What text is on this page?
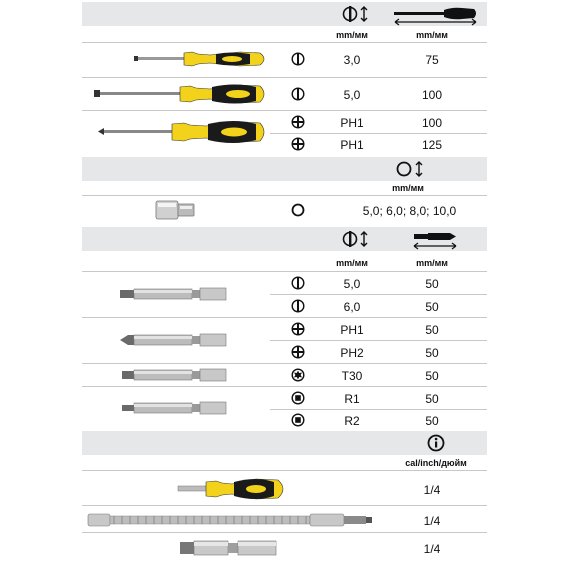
mm/мм	mm/мм
3,0	75
5,0	100
PH1	100
PH1	125
mm/мм
5,0; 6,0; 8,0; 10,0
mm/мм	mm/мм
5,0	50
6,0	50
PH1	50
PH2	50
T30	50
R1	50
R2	50
cal/inch/дюйм
1/4
1/4
1/4
